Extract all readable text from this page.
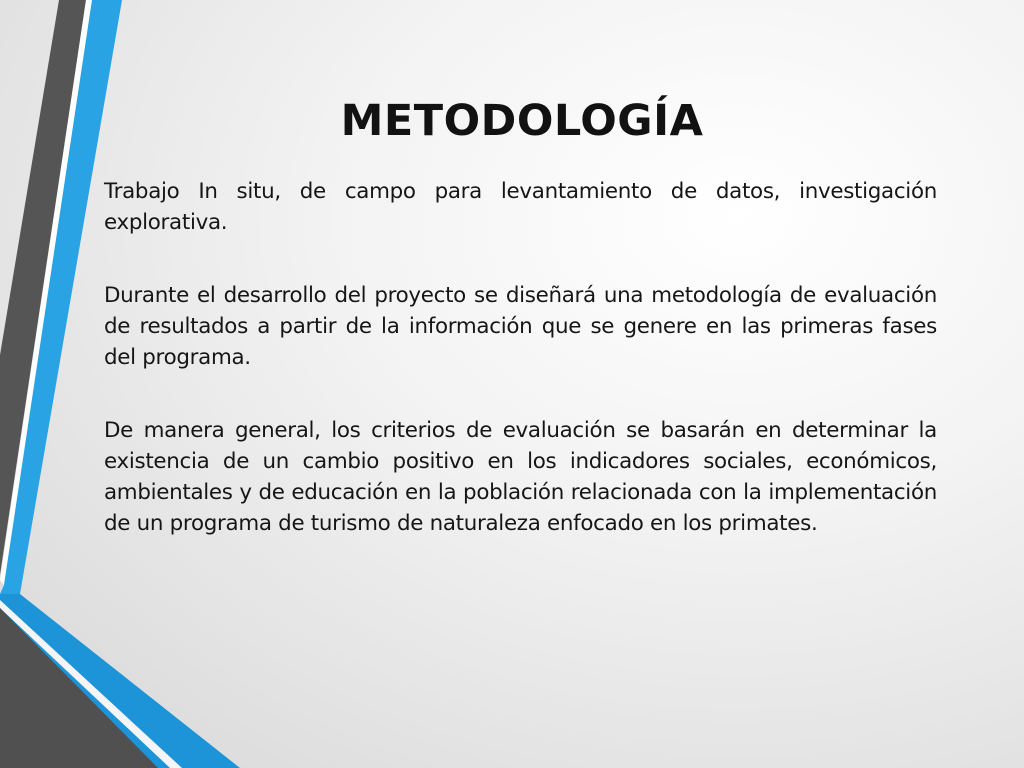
METODOLOGÍA

Trabajo In situ, de campo para levantamiento de datos, investigación explorativa.

Durante el desarrollo del proyecto se diseñará una metodología de evaluación de resultados a partir de la información que se genere en las primeras fases del programa.

De manera general, los criterios de evaluación se basarán en determinar la existencia de un cambio positivo en los indicadores sociales, económicos, ambientales y de educación en la población relacionada con la implementación de un programa de turismo de naturaleza enfocado en los primates.
